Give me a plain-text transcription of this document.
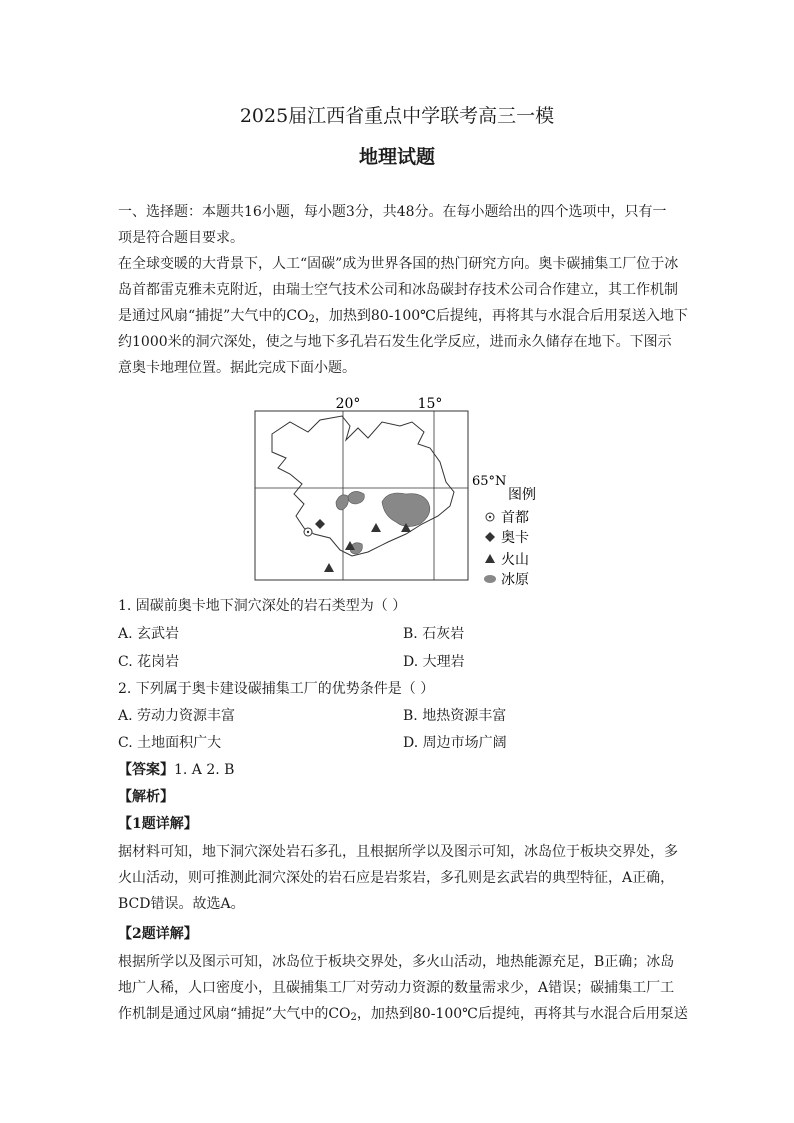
2025届江西省重点中学联考高三一模
地理试题
一、选择题：本题共16小题，每小题3分，共48分。在每小题给出的四个选项中，只有一
项是符合题目要求。
在全球变暖的大背景下，人工“固碳”成为世界各国的热门研究方向。奥卡碳捕集工厂位于冰
岛首都雷克雅未克附近，由瑞士空气技术公司和冰岛碳封存技术公司合作建立，其工作机制
是通过风扇“捕捉”大气中的$CO_2$，加热到80-100℃后提纯，再将其与水混合后用泵送入地下
约1000米的洞穴深处，使之与地下多孔岩石发生化学反应，进而永久储存在地下。下图示
意奥卡地理位置。据此完成下面小题。
20°	15°
65°N
图例
首都
奥卡
火山
冰原
1. 固碳前奥卡地下洞穴深处的岩石类型为（ ）
A. 玄武岩	B. 石灰岩
C. 花岗岩	D. 大理岩
2. 下列属于奥卡建设碳捕集工厂的优势条件是（ ）
A. 劳动力资源丰富	B. 地热资源丰富
C. 土地面积广大	D. 周边市场广阔
【答案】1. A 2. B
【解析】
【1题详解】
据材料可知，地下洞穴深处岩石多孔，且根据所学以及图示可知，冰岛位于板块交界处，多
火山活动，则可推测此洞穴深处的岩石应是岩浆岩，多孔则是玄武岩的典型特征，A正确，
BCD错误。故选A。
【2题详解】
根据所学以及图示可知，冰岛位于板块交界处，多火山活动，地热能源充足，B正确；冰岛
地广人稀，人口密度小，且碳捕集工厂对劳动力资源的数量需求少，A错误；碳捕集工厂工
作机制是通过风扇“捕捉”大气中的$CO_2$，加热到80-100℃后提纯，再将其与水混合后用泵送
